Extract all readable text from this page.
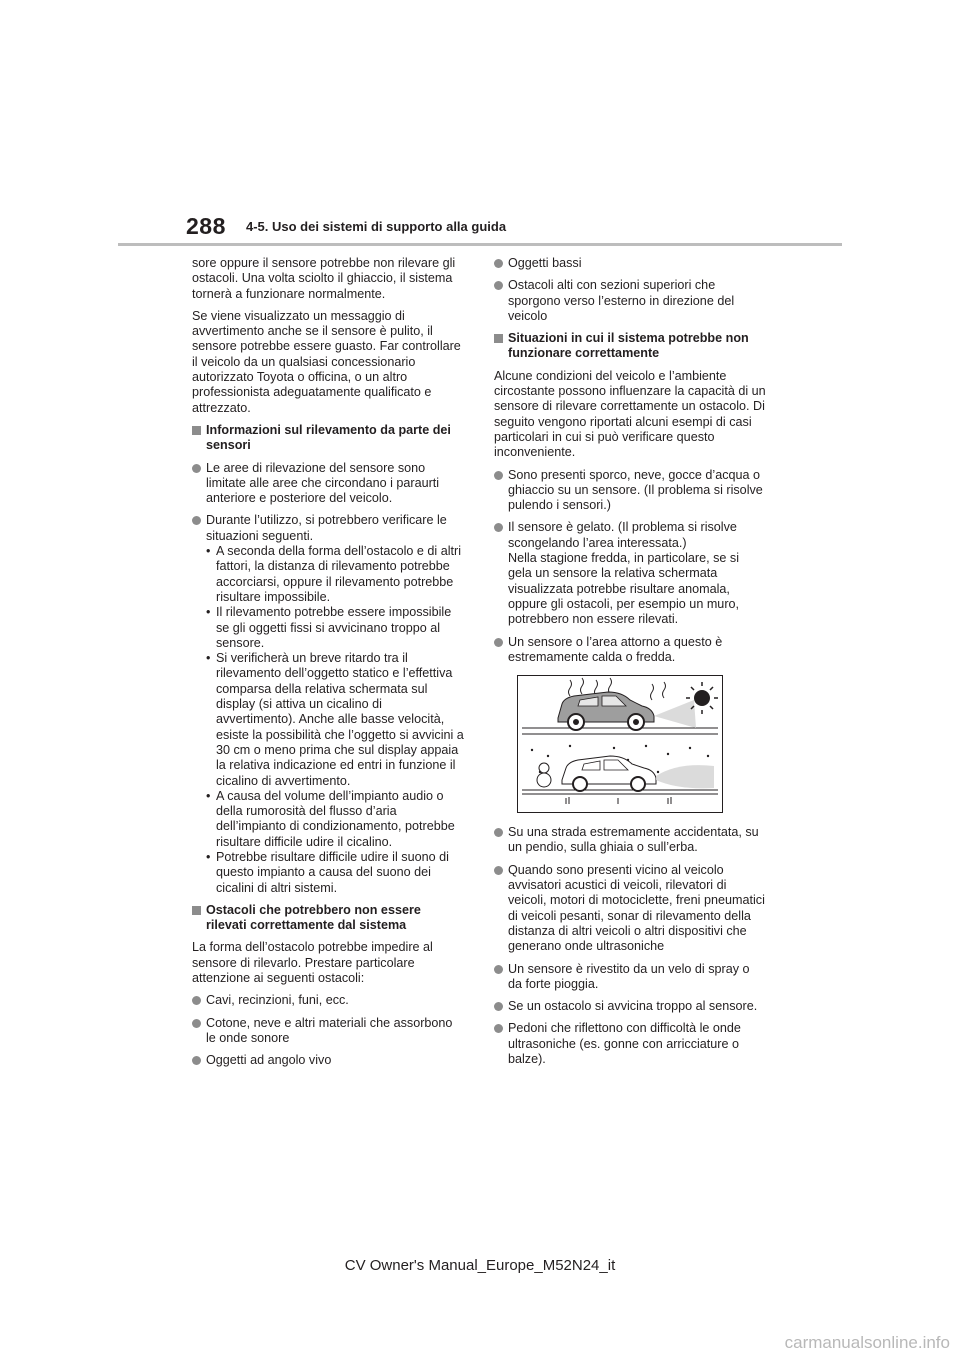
288 4-5. Uso dei sistemi di supporto alla guida

sore oppure il sensore potrebbe non rilevare gli ostacoli. Una volta sciolto il ghiaccio, il sistema tornerà a funzionare normalmente.

Se viene visualizzato un messaggio di avvertimento anche se il sensore è pulito, il sensore potrebbe essere guasto. Far controllare il veicolo da un qualsiasi concessionario autorizzato Toyota o officina, o un altro professionista adeguatamente qualificato e attrezzato.

Informazioni sul rilevamento da parte dei sensori
Le aree di rilevazione del sensore sono limitate alle aree che circondano i paraurti anteriore e posteriore del veicolo.
Durante l’utilizzo, si potrebbero verificare le situazioni seguenti.
• A seconda della forma dell’ostacolo e di altri fattori, la distanza di rilevamento potrebbe accorciarsi, oppure il rilevamento potrebbe risultare impossibile.
• Il rilevamento potrebbe essere impossibile se gli oggetti fissi si avvicinano troppo al sensore.
• Si verificherà un breve ritardo tra il rilevamento dell’oggetto statico e l’effettiva comparsa della relativa schermata sul display (si attiva un cicalino di avvertimento). Anche alle basse velocità, esiste la possibilità che l’oggetto si avvicini a 30 cm o meno prima che sul display appaia la relativa indicazione ed entri in funzione il cicalino di avvertimento.
• A causa del volume dell’impianto audio o della rumorosità del flusso d’aria dell’impianto di condizionamento, potrebbe risultare difficile udire il cicalino.
• Potrebbe risultare difficile udire il suono di questo impianto a causa del suono dei cicalini di altri sistemi.
Ostacoli che potrebbero non essere rilevati correttamente dal sistema

La forma dell’ostacolo potrebbe impedire al sensore di rilevarlo. Prestare particolare attenzione ai seguenti ostacoli:

Cavi, recinzioni, funi, ecc.
Cotone, neve e altri materiali che assorbono le onde sonore
Oggetti ad angolo vivo
Oggetti bassi
Ostacoli alti con sezioni superiori che sporgono verso l’esterno in direzione del veicolo
Situazioni in cui il sistema potrebbe non funzionare correttamente

Alcune condizioni del veicolo e l’ambiente circostante possono influenzare la capacità di un sensore di rilevare correttamente un ostacolo. Di seguito vengono riportati alcuni esempi di casi particolari in cui si può verificare questo inconveniente.

Sono presenti sporco, neve, gocce d’acqua o ghiaccio su un sensore. (Il problema si risolve pulendo i sensori.)
Il sensore è gelato. (Il problema si risolve scongelando l’area interessata.)
Nella stagione fredda, in particolare, se si gela un sensore la relativa schermata visualizzata potrebbe risultare anomala, oppure gli ostacoli, per esempio un muro, potrebbero non essere rilevati.
Un sensore o l’area attorno a questo è estremamente calda o fredda.
Su una strada estremamente accidentata, su un pendio, sulla ghiaia o sull’erba.
Quando sono presenti vicino al veicolo avvisatori acustici di veicoli, rilevatori di veicoli, motori di motociclette, freni pneumatici di veicoli pesanti, sonar di rilevamento della distanza di altri veicoli o altri dispositivi che generano onde ultrasoniche
Un sensore è rivestito da un velo di spray o da forte pioggia.
Se un ostacolo si avvicina troppo al sensore.
Pedoni che riflettono con difficoltà le onde ultrasoniche (es. gonne con arricciature o balze).
CV Owner's Manual_Europe_M52N24_it
carmanualsonline.info
